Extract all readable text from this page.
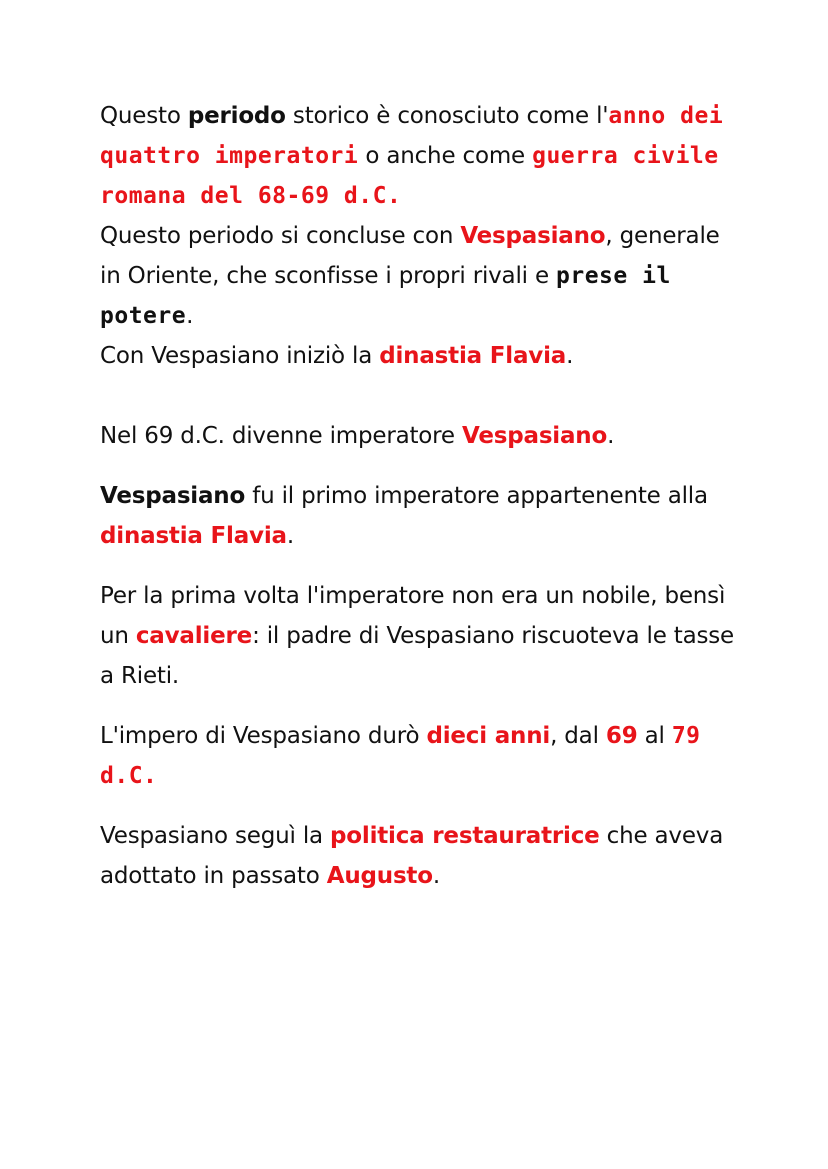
Questo periodo storico è conosciuto come l'anno dei quattro imperatori o anche come guerra civile
romana del 68-69 d.C.

Questo periodo si concluse con Vespasiano, generale in Oriente, che sconfisse i propri rivali e prese il potere.

Con Vespasiano iniziò la dinastia Flavia.

Nel 69 d.C. divenne imperatore Vespasiano.

Vespasiano fu il primo imperatore appartenente alla dinastia Flavia.

Per la prima volta l'imperatore non era un nobile, bensì un cavaliere: il padre di Vespasiano riscuoteva le tasse a Rieti.

L'impero di Vespasiano durò dieci anni, dal 69 al 79 d.C.

Vespasiano seguì la politica restauratrice che aveva adottato in passato Augusto.
